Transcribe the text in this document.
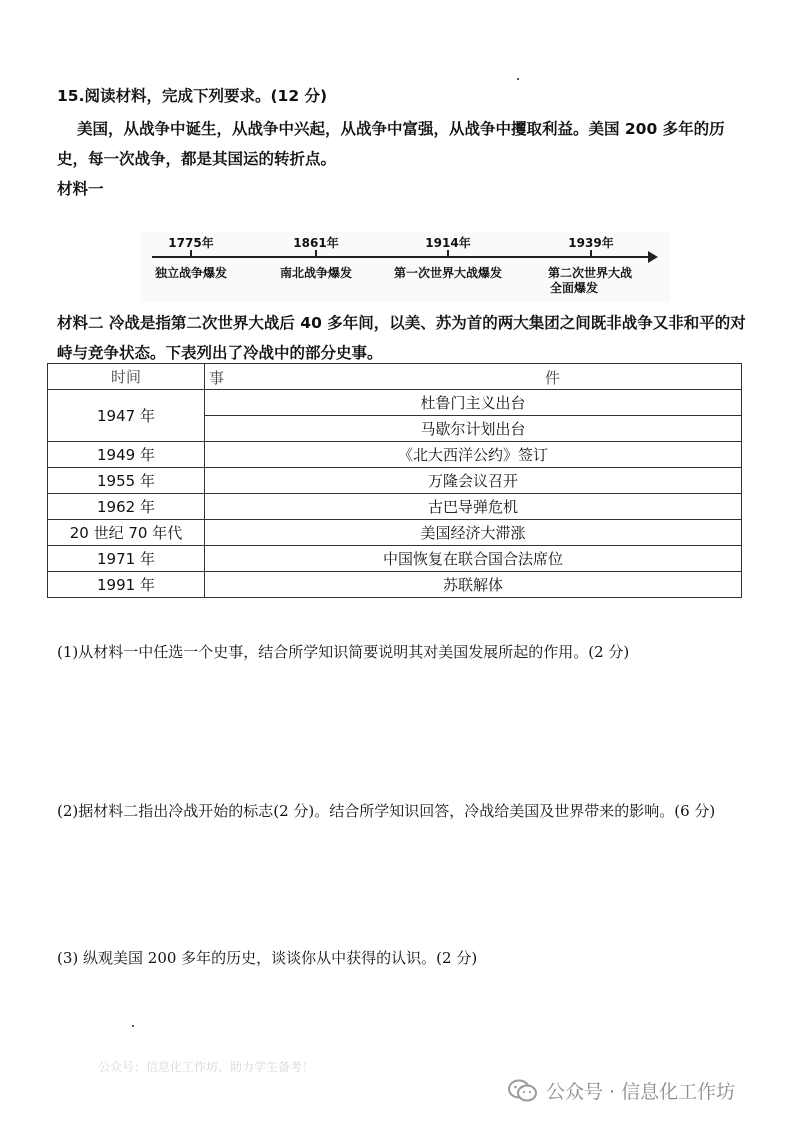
15.阅读材料，完成下列要求。(12 分)
美国，从战争中诞生，从战争中兴起，从战争中富强，从战争中攫取利益。美国 200 多年的历史，每一次战争，都是其国运的转折点。
材料一
1775年
独立战争爆发
1861年
南北战争爆发
1914年
第一次世界大战爆发
1939年
第二次世界大战
全面爆发
材料二 冷战是指第二次世界大战后 40 多年间，以美、苏为首的两大集团之间既非战争又非和平的对峙与竞争状态。下表列出了冷战中的部分史事。
时间	事 件

1947 年	杜鲁门主义出台
	马歇尔计划出台
1949 年	《北大西洋公约》签订
1955 年	万隆会议召开
1962 年	古巴导弹危机
20 世纪 70 年代	美国经济大滞涨
1971 年	中国恢复在联合国合法席位
1991 年	苏联解体
(1)从材料一中任选一个史事，结合所学知识简要说明其对美国发展所起的作用。(2 分)
(2)据材料二指出冷战开始的标志(2 分)。结合所学知识回答，冷战给美国及世界带来的影响。(6 分)
(3) 纵观美国 200 多年的历史，谈谈你从中获得的认识。(2 分)
公众号：信息化工作坊，助力学生备考！
公众号 · 信息化工作坊
